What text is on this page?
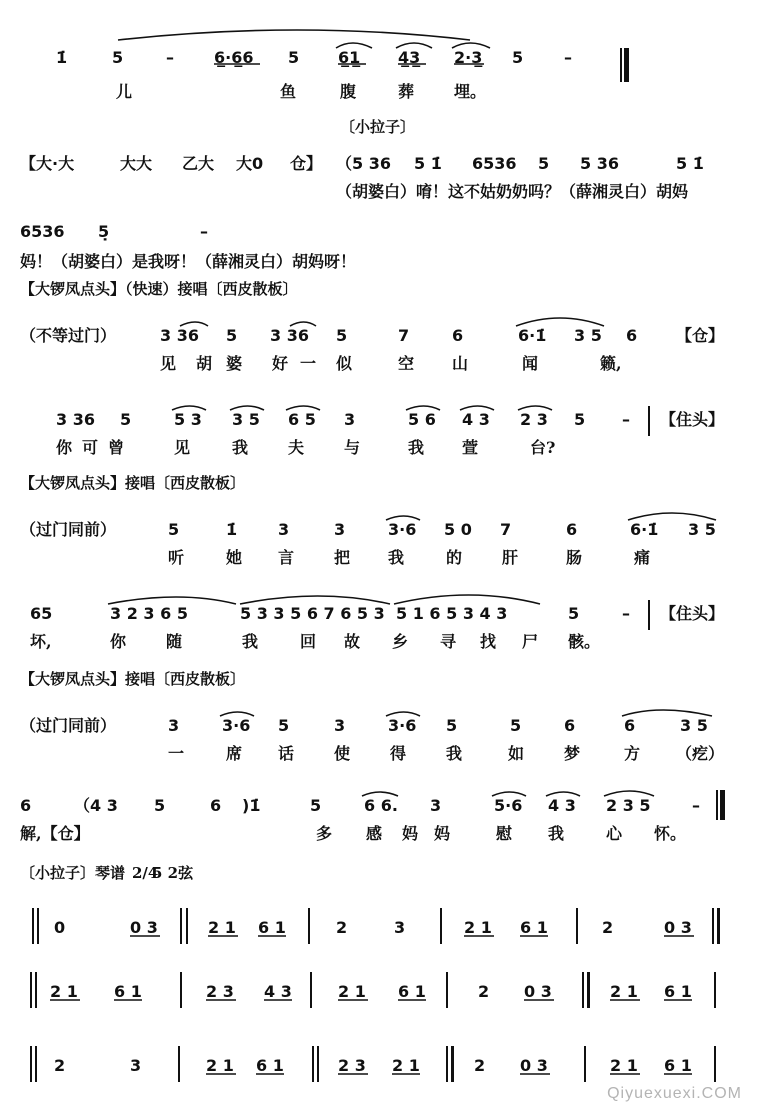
1̇	5	–	6̲·6̲6 5 6̲1̲ 4̲3̲ 2·3̲ 5	–
儿	鱼	腹	葬 埋。
〔小拉子〕
【大·大	大大 乙大 大0 仓】 （5 36 5 1̇ 6536 5 5 36	5 1̇
（胡婆白）唷！这不姑奶奶吗？（薛湘灵白）胡妈
6536 5̣	–
妈！（胡婆白）是我呀！（薛湘灵白）胡妈呀！
【大锣凤点头】（快速）接唱〔西皮散板〕
（不等过门）	3 36 5 3 36 5	7	6	6·1̇ 3 5 6 【仓】
见 胡 婆 好 一 似	空 山	闻	籁,
3 36 5	5 3 3 5 6 5 3	5 6 4 3 2 3 5 – 【住头】
你 可 曾	见	我 夫 与	我 萱	台?
【大锣凤点头】接唱〔西皮散板〕
（过门同前）	5	1̇	3	3	3·6 5 0 7	6	6·1̇ 3 5
听	她 言 把 我	的 肝	肠	痛
65	3 2 3 6 5	5 3 3 5 6 7 6 5 3 5 1 6 5 3 4 3	5	– 【住头】
坏,	你 随	我	回 故 乡 寻 找 尸 骸。
【大锣凤点头】接唱〔西皮散板〕
（过门同前）	3	3·6 5	3	3·6 5	5	6	6	3 5
一	席 话 使 得 我	如 梦	方 （疙）
6	（4 3 5	6 )1̇	5	6 6. 3	5·6 4 3 2 3 5	–
解,【仓】	多 感 妈 妈	慰 我	心 怀。
〔小拉子〕琴谱 2/4
5 2弦
0	0 3	2 1 6 1	2	3	2 1 6 1	2	0 3
2 1 6 1	2 3 4 3	2 1 6 1	2 0 3	2 1 6 1
2	3	2 1 6 1	2 3 2 1	2 0 3	2 1 6 1
Qiyuexuexi.COM
